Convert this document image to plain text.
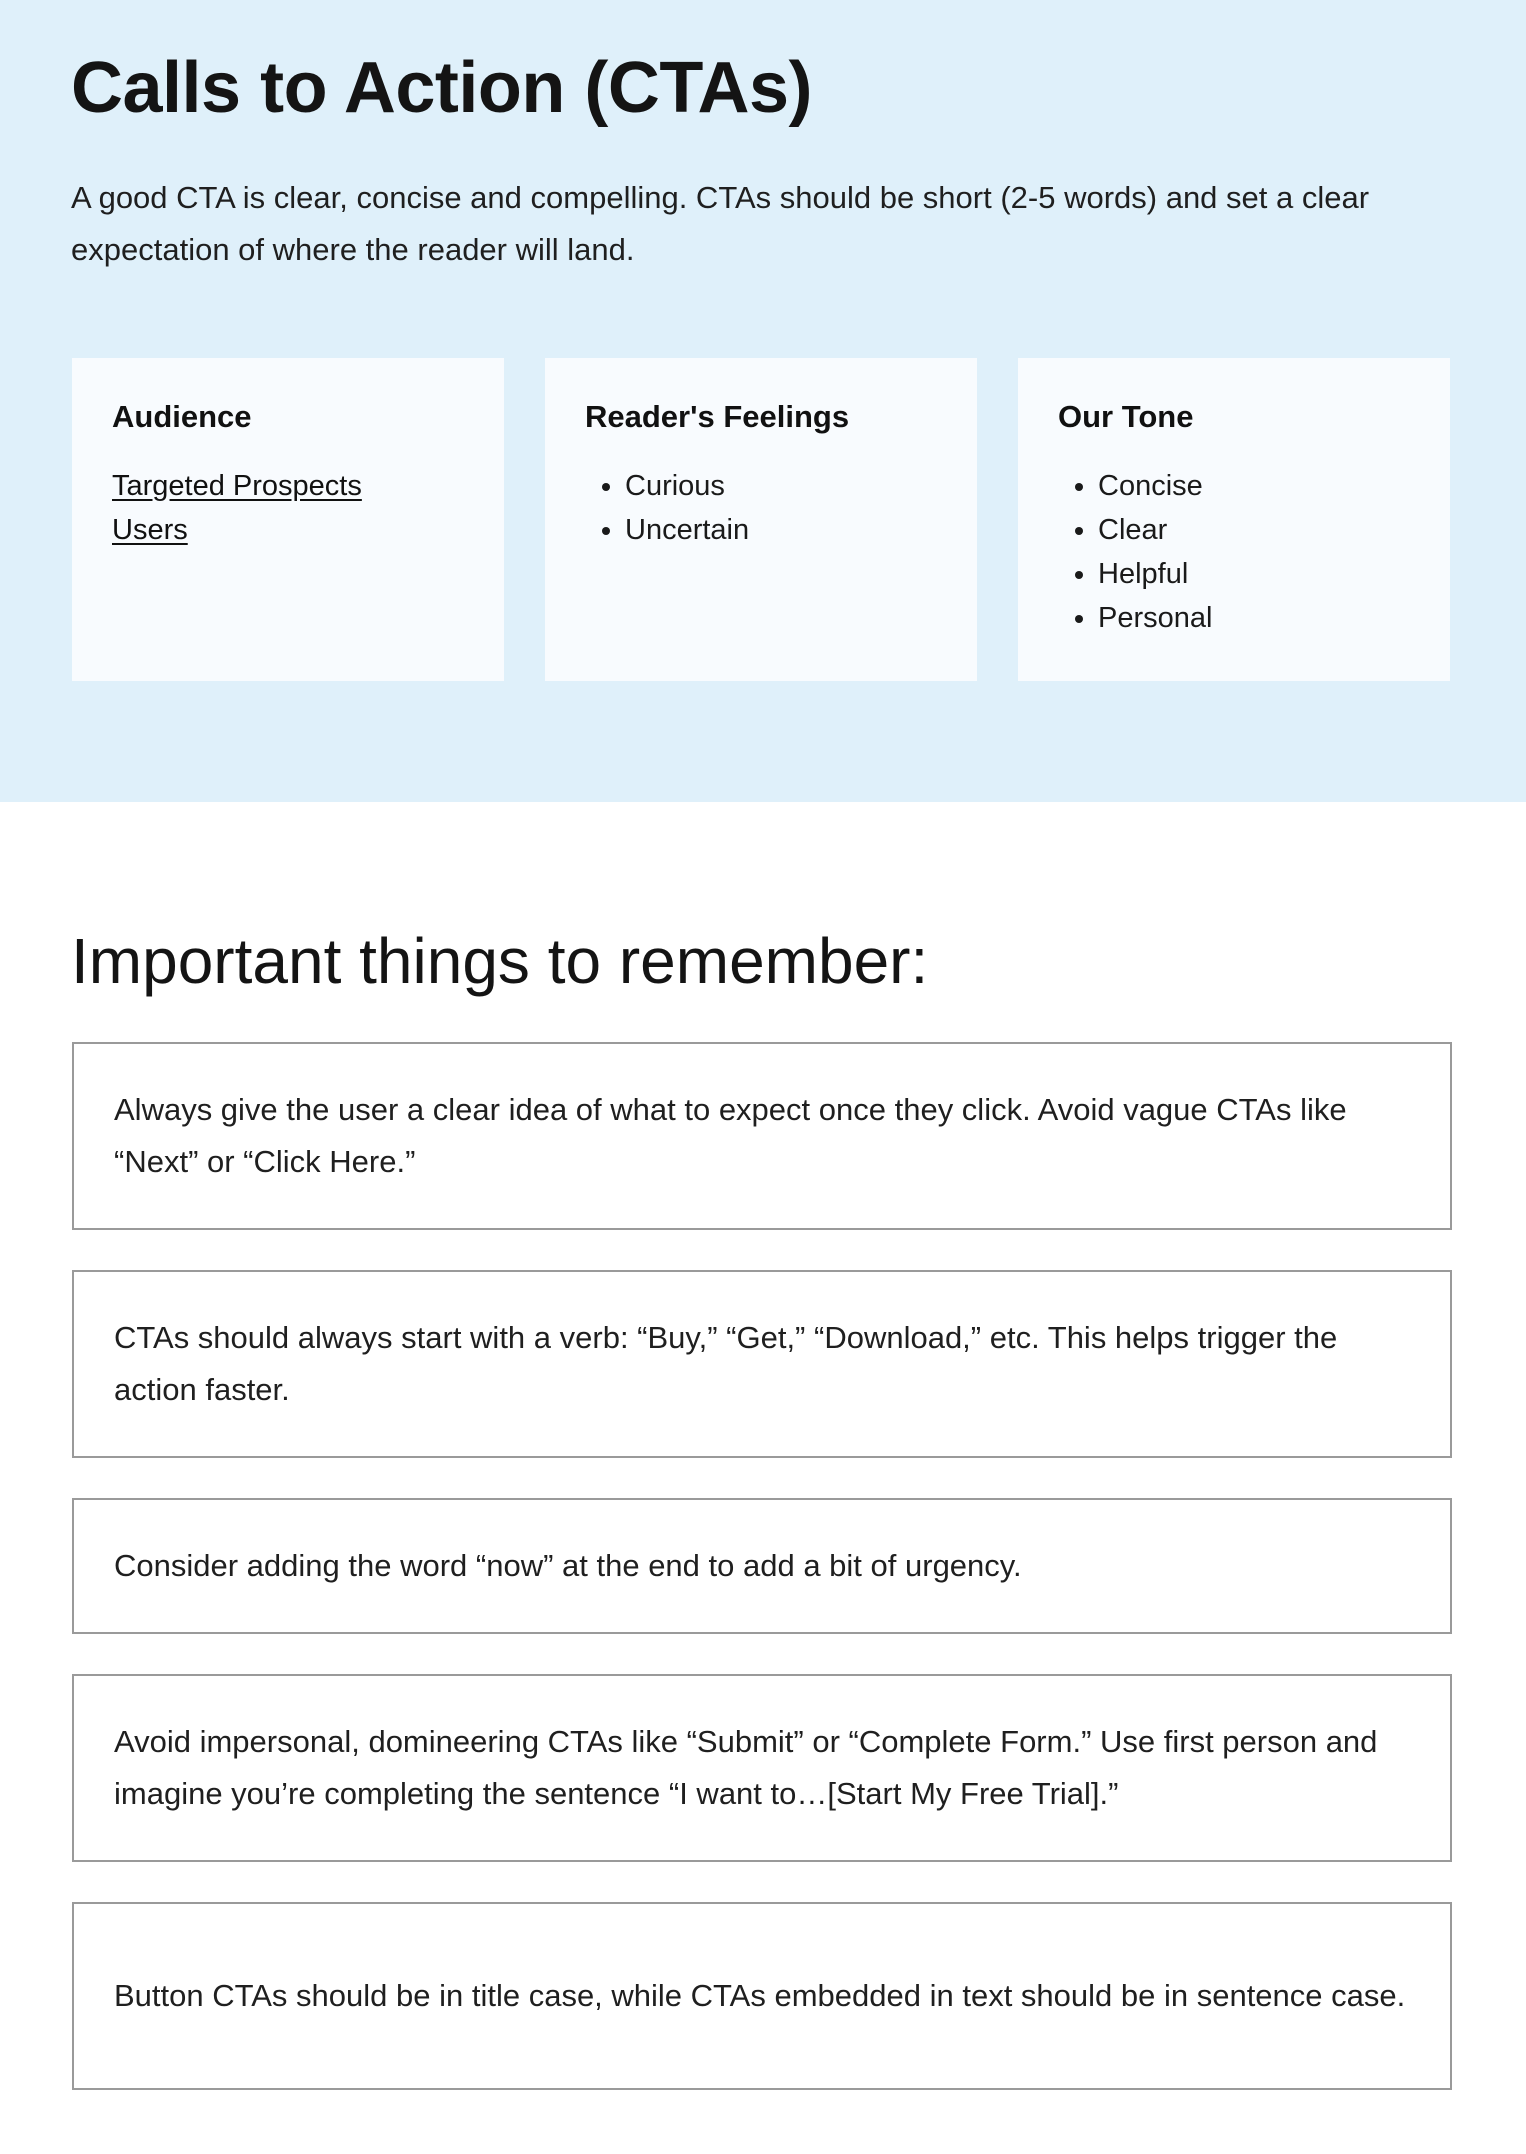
Calls to Action (CTAs)

A good CTA is clear, concise and compelling. CTAs should be short (2-5 words) and set a clear expectation of where the reader will land.

Audience
Targeted Prospects
Users
Reader's Feelings
• Curious
• Uncertain
Our Tone
• Concise
• Clear
• Helpful
• Personal
Important things to remember:

Always give the user a clear idea of what to expect once they click. Avoid vague CTAs like “Next” or “Click Here.”

CTAs should always start with a verb: “Buy,” “Get,” “Download,” etc. This helps trigger the action faster.

Consider adding the word “now” at the end to add a bit of urgency.

Avoid impersonal, domineering CTAs like “Submit” or “Complete Form.” Use first person and imagine you’re completing the sentence “I want to…[Start My Free Trial].”

Button CTAs should be in title case, while CTAs embedded in text should be in sentence case.
